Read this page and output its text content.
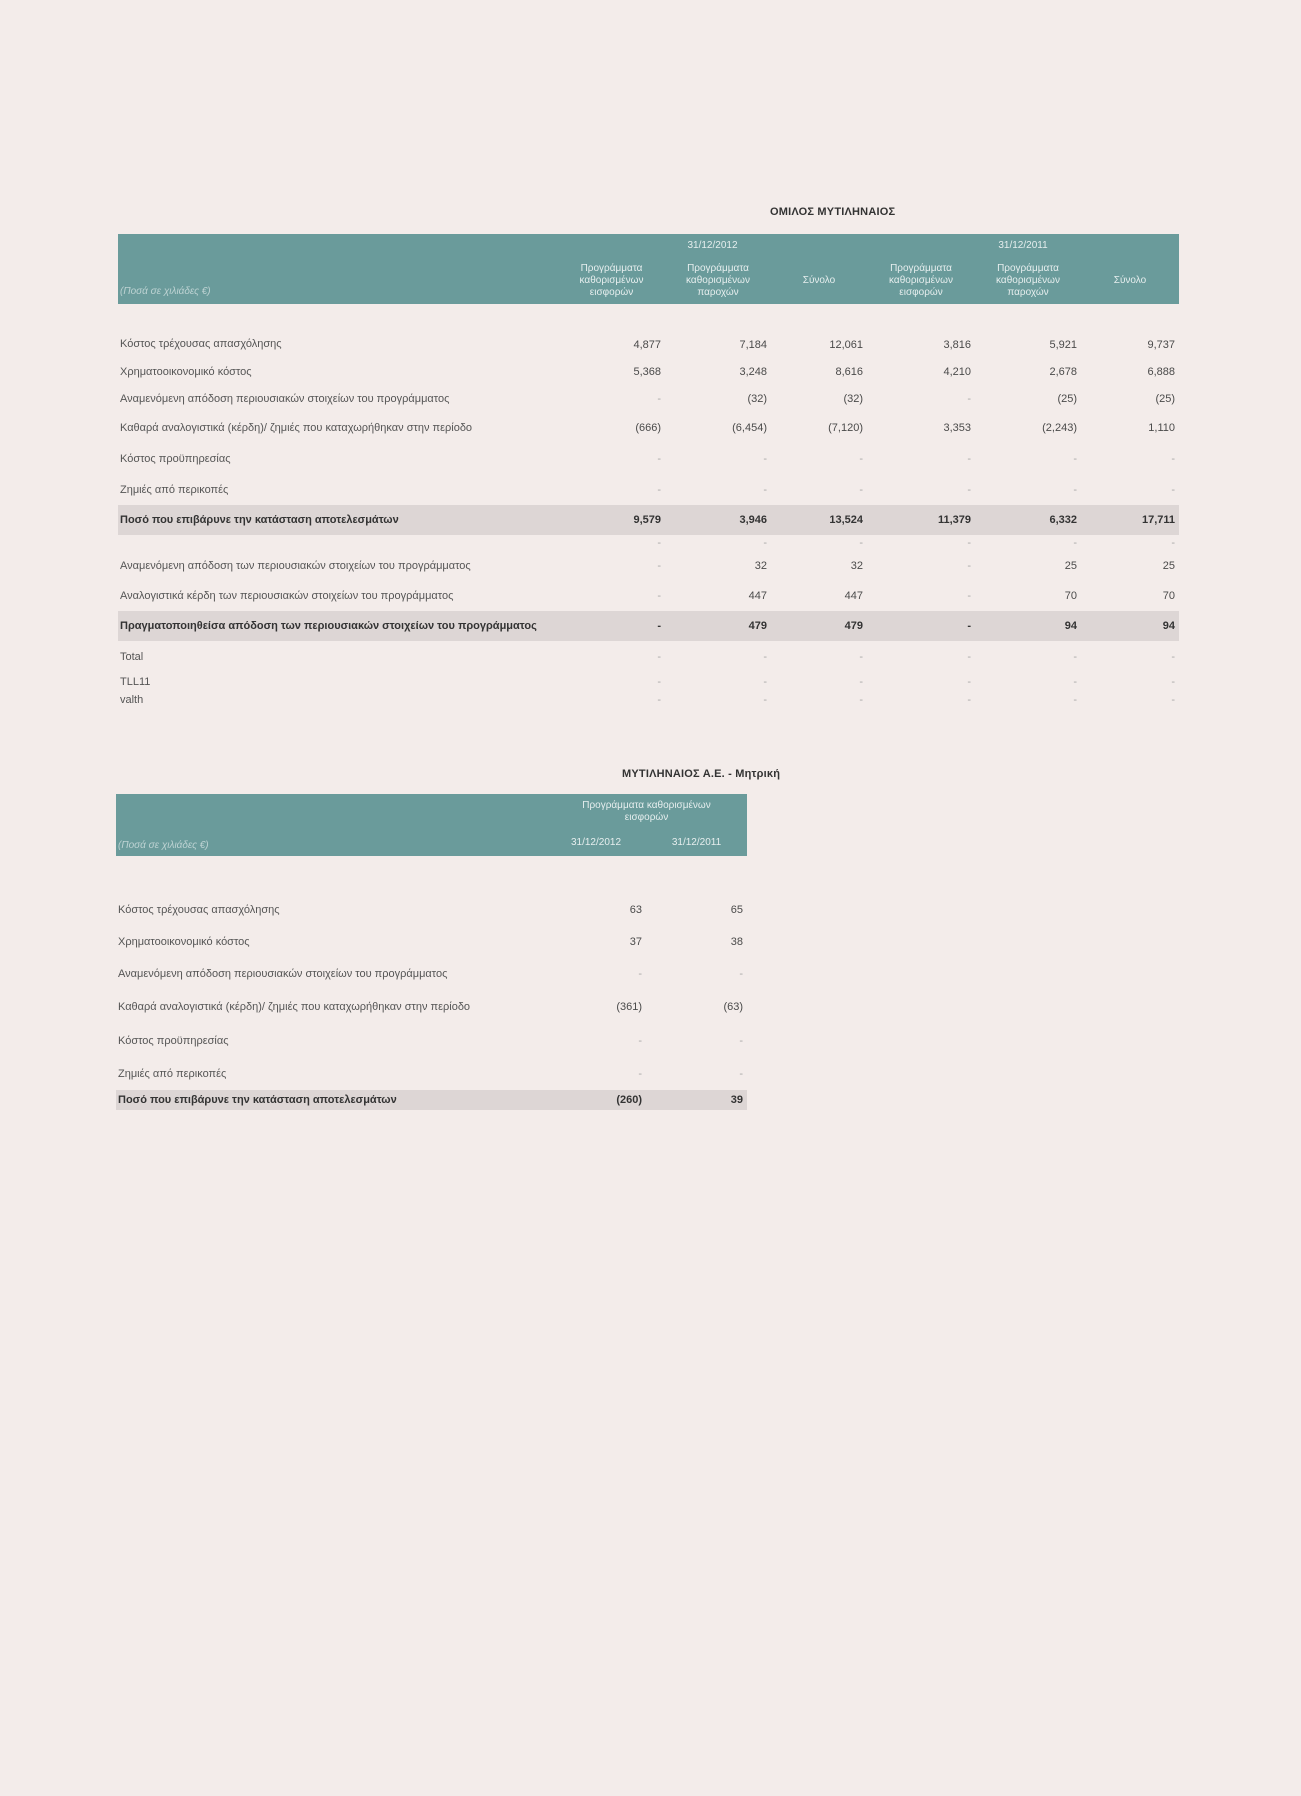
ΟΜΙΛΟΣ ΜΥΤΙΛΗΝΑΙΟΣ
	31/12/2012			31/12/2011		
(Ποσά σε χιλιάδες €)	Προγράμματα καθορισμένων εισφορών	Προγράμματα καθορισμένων παροχών	Σύνολο	Προγράμματα καθορισμένων εισφορών	Προγράμματα καθορισμένων παροχών	Σύνολο

Κόστος τρέχουσας απασχόλησης	4,877	7,184	12,061	3,816	5,921	9,737
Χρηματοοικονομικό κόστος	5,368	3,248	8,616	4,210	2,678	6,888
Αναμενόμενη απόδοση περιουσιακών στοιχείων του προγράμματος	-	(32)	(32)	-	(25)	(25)
Καθαρά αναλογιστικά (κέρδη)/ ζημιές που καταχωρήθηκαν στην περίοδο	(666)	(6,454)	(7,120)	3,353	(2,243)	1,110
Κόστος προϋπηρεσίας	-	-	-	-	-	-
Ζημιές από περικοπές	-	-	-	-	-	-
Ποσό που επιβάρυνε την κατάσταση αποτελεσμάτων	9,579	3,946	13,524	11,379	6,332	17,711
	-	-	-	-	-	-
Αναμενόμενη απόδοση των περιουσιακών στοιχείων του προγράμματος	-	32	32	-	25	25
Αναλογιστικά κέρδη των περιουσιακών στοιχείων του προγράμματος	-	447	447	-	70	70
Πραγματοποιηθείσα απόδοση των περιουσιακών στοιχείων του προγράμματος	-	479	479	-	94	94
Total	-	-	-	-	-	-
TLL11	-	-	-	-	-	-
valth	-	-	-	-	-	-
ΜΥΤΙΛΗΝΑΙΟΣ Α.Ε. - Μητρική
	Προγράμματα καθορισμένων εισφορών	
(Ποσά σε χιλιάδες €)	31/12/2012	31/12/2011

Κόστος τρέχουσας απασχόλησης	63	65
Χρηματοοικονομικό κόστος	37	38
Αναμενόμενη απόδοση περιουσιακών στοιχείων του προγράμματος	-	-
Καθαρά αναλογιστικά (κέρδη)/ ζημιές που καταχωρήθηκαν στην περίοδο	(361)	(63)
Κόστος προϋπηρεσίας	-	-
Ζημιές από περικοπές	-	-
Ποσό που επιβάρυνε την κατάσταση αποτελεσμάτων	(260)	39
